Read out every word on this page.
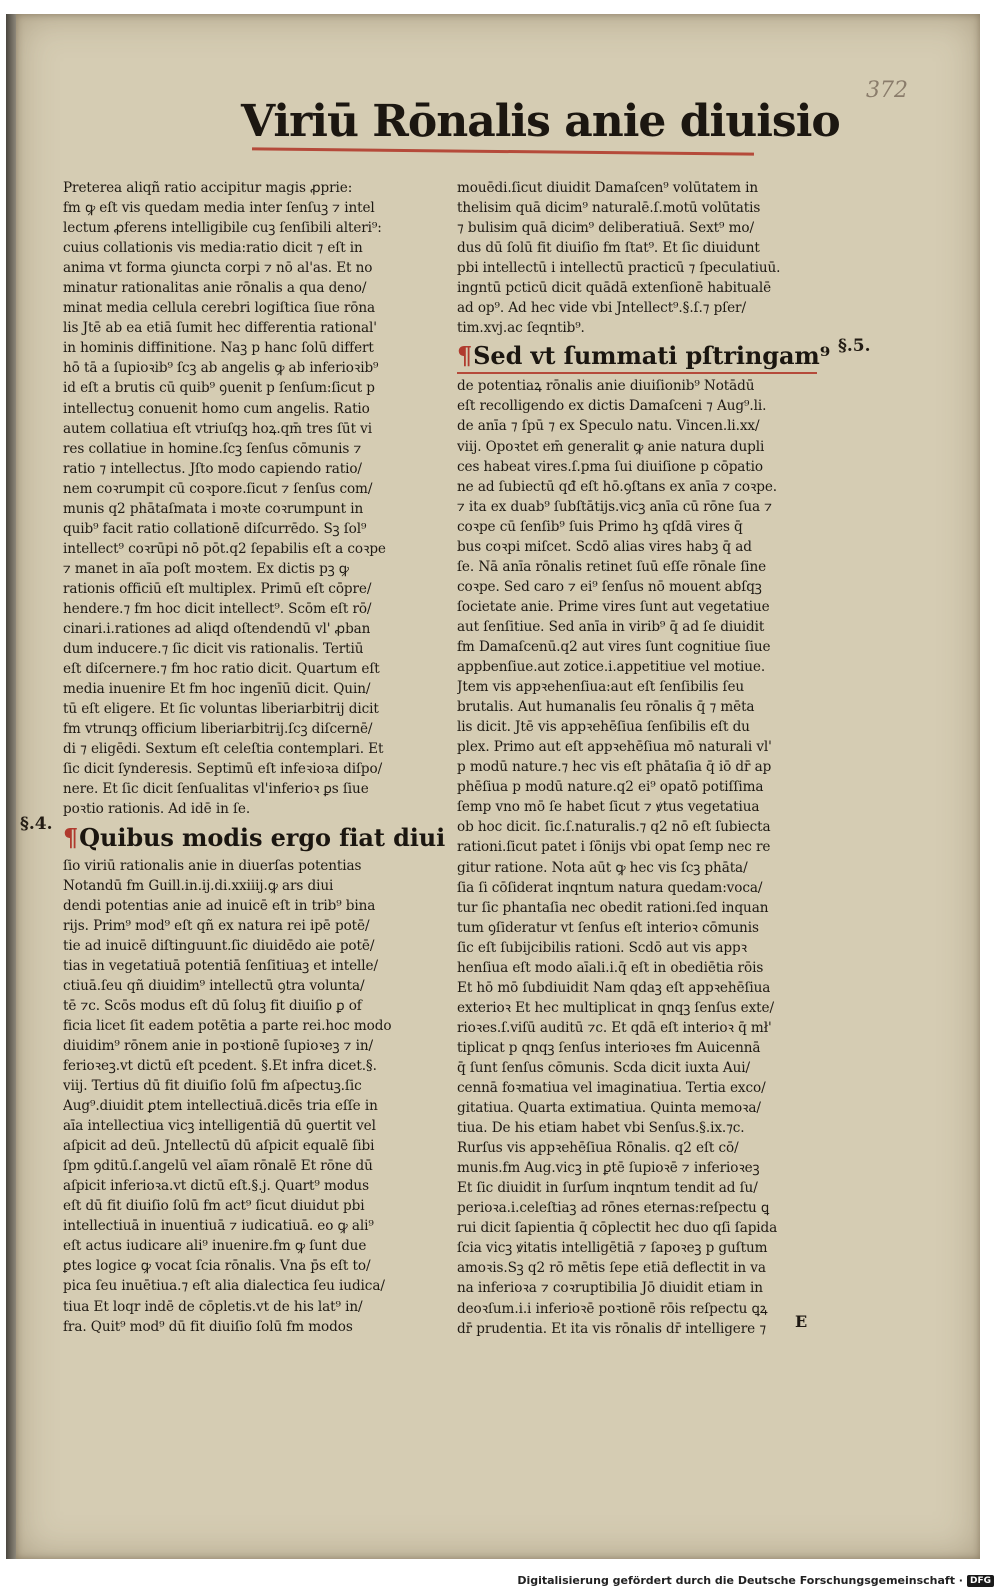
372
Viriū Rōnalis anie diuisio
§.4.
§.5.
Preterea aliqñ ratio accipitur magis ꝓprie:
fm ꝙ eſt vis quedam media inter ſenſuꝫ ⁊ intel
lectum ꝓferens intelligibile cuꝫ ſenſibili alteri⁹:
cuius collationis vis media:ratio dicit ⁊ eſt in
anima vt forma ꝯiuncta corpi ⁊ nō al'as. Et no
minatur rationalitas anie rōnalis a qua deno/
minat media cellula cerebri logiſtica ſiue rōna
lis Jtē ab ea etiā ſumit hec differentia rational'
in hominis diffinitione. Naꝫ p hanc ſolū differt
hō tā a ſupioꝛib⁹ ſcꝫ ab angelis ꝙ ab inferioꝛib⁹
id eſt a brutis cū quib⁹ ꝯuenit p ſenſum:ſicut p
intellectuꝫ conuenit homo cum angelis. Ratio
autem collatiua eſt vtriuſqꝫ hoꝝ.qm̄ tres ſūt vi
res collatiue in homine.ſcꝫ ſenſus cōmunis ⁊
ratio ⁊ intellectus. Jſto modo capiendo ratio/
nem coꝛrumpit cū coꝛpore.ſicut ⁊ ſenſus com/
munis q2 phātaſmata i moꝛte coꝛrumpunt in
quib⁹ facit ratio collationē diſcurrēdo. Sꝫ ſol⁹
intellect⁹ coꝛrūpi nō pōt.q2 ſepabilis eſt a coꝛpe
⁊ manet in aīa poſt moꝛtem. Ex dictis pꝫ ꝙ
rationis officiū eſt multiplex. Primū eſt cōpre/
hendere.⁊ fm hoc dicit intellect⁹. Scōm eſt rō/
cinari.i.rationes ad aliqd oſtendendū vl' ꝓban
dum inducere.⁊ ſic dicit vis rationalis. Tertiū
eſt diſcernere.⁊ fm hoc ratio dicit. Quartum eſt
media inuenire Et fm hoc ingenīū dicit. Quin/
tū eſt eligere. Et ſic voluntas liberiarbitrij dicit
fm vtrunqꝫ officium liberiarbitrij.ſcꝫ diſcernē/
di ⁊ eligēdi. Sextum eſt celeſtia contemplari. Et
ſic dicit ſynderesis. Septimū eſt infeꝛioꝛa diſpo/
nere. Et ſic dicit ſenſualitas vl'inferioꝛ ꝑs ſiue
poꝛtio rationis. Ad idē in ſe.
¶Quibus modis ergo fiat diui
ſio viriū rationalis anie in diuerſas potentias
Notandū fm Guill.in.ij.di.xxiiij.ꝙ ars diui
dendi potentias anie ad inuicē eſt in trib⁹ bina
rijs. Prim⁹ mod⁹ eſt qñ ex natura rei ipē potē/
tie ad inuicē diſtinguunt.ſic diuidēdo aie potē/
tias in vegetatiuā potentiā ſenſitiuaꝫ et intelle/
ctiuā.ſeu qñ diuidim⁹ intellectū ꝯtra volunta/
tē ⁊c. Scōs modus eſt dū ſoluꝫ fit diuiſio ꝑ of
ficia licet ſit eadem potētia a parte rei.hoc modo
diuidim⁹ rōnem anie in poꝛtionē ſupioꝛeꝫ ⁊ in/
ferioꝛeꝫ.vt dictū eſt pcedent. §.Et infra dicet.§.
viij. Tertius dū fit diuiſio ſolū fm aſpectuꝫ.ſic
Aug⁹.diuidit ꝑtem intellectiuā.dicēs tria eſſe in
aīa intellectiua vicꝫ intelligentiā dū ꝯuertit vel
aſpicit ad deū. Jntellectū dū aſpicit equalē ſibi
ſpm ꝯditū.ſ.angelū vel aīam rōnalē Et rōne dū
aſpicit inferioꝛa.vt dictū eſt.§.j. Quart⁹ modus
eſt dū fit diuiſio ſolū fm act⁹ ſicut diuidut pbi
intellectiuā in inuentiuā ⁊ iudicatiuā. eo ꝙ ali⁹
eſt actus iudicare ali⁹ inuenire.fm ꝙ ſunt due
ꝑtes logice ꝙ vocat ſcia rōnalis. Vna p̄s eſt to/
pica ſeu inuētiua.⁊ eſt alia dialectica ſeu iudica/
tiua Et loqr indē de cōpletis.vt de his lat⁹ in/
fra. Quit⁹ mod⁹ dū fit diuiſio ſolū fm modos
mouēdi.ſicut diuidit Damaſcen⁹ volūtatem in
thelisim quā dicim⁹ naturalē.ſ.motū volūtatis
⁊ bulisim quā dicim⁹ deliberatiuā. Sext⁹ mo/
dus dū ſolū fit diuiſio fm ſtat⁹. Et ſic diuidunt
pbi intellectū i intellectū practicū ⁊ ſpeculatiuū.
ingntū pcticū dicit quādā extenſionē habitualē
ad op⁹. Ad hec vide vbi Jntellect⁹.§.ſ.⁊ pſer/
tim.xvj.ac ſeqntib⁹.
¶Sed vt ſummati pſtringam⁹
de potentiaꝝ rōnalis anie diuiſionib⁹ Notādū
eſt recolligendo ex dictis Damaſceni ⁊ Aug⁹.li.
de anīa ⁊ ſpū ⁊ ex Speculo natu. Vincen.li.xx/
viij. Opoꝛtet em̄ generalit ꝙ anie natura dupli
ces habeat vires.ſ.pma ſui diuiſione p cōpatio
ne ad ſubiectū qđ eſt hō.ꝯſtans ex anīa ⁊ coꝛpe.
⁊ ita ex duab⁹ ſubſtātijs.vicꝫ anīa cū rōne ſua ⁊
coꝛpe cū ſenſib⁹ ſuis Primo hꝫ qſdā vires q̄
bus coꝛpi miſcet. Scdō alias vires habꝫ q̄ ad
ſe. Nā anīa rōnalis retinet ſuū eſſe rōnale ſine
coꝛpe. Sed caro ⁊ ei⁹ ſenſus nō mouent abſqꝫ
ſocietate anie. Prime vires ſunt aut vegetatiue
aut ſenſitiue. Sed anīa in virib⁹ q̄ ad ſe diuidit
fm Damaſcenū.q2 aut vires ſunt cognitiue ſiue
appbenſiue.aut zotice.i.appetitiue vel motiue.
Jtem vis appꝛehenſiua:aut eſt ſenſibilis ſeu
brutalis. Aut humanalis ſeu rōnalis q̄ ⁊ mēta
lis dicit. Jtē vis appꝛehēſiua ſenſibilis eſt du
plex. Primo aut eſt appꝛehēſiua mō naturali vl'
p modū nature.⁊ hec vis eſt phātaſia q̄ iō dr̄ ap
phēſiua p modū nature.q2 ei⁹ opatō potiſſima
ſemp vno mō ſe habet ſicut ⁊ ꝟtus vegetatiua
ob hoc dicit. ſic.ſ.naturalis.⁊ q2 nō eſt ſubiecta
rationi.ſicut patet i ſōnijs vbi opat ſemp nec re
gitur ratione. Nota aūt ꝙ hec vis ſcꝫ phāta/
ſia ſi cōſiderat inqntum natura quedam:voca/
tur ſic phantaſia nec obedit rationi.ſed inquan
tum ꝯſideratur vt ſenſus eſt interioꝛ cōmunis
ſic eſt ſubijcibilis rationi. Scdō aut vis appꝛ
henſiua eſt modo aīali.i.q̄ eſt in obediētia rōis
Et hō mō ſubdiuidit Nam qdaꝫ eſt appꝛehēſiua
exterioꝛ Et hec multiplicat in qnqꝫ ſenſus exte/
rioꝛes.ſ.viſū auditū ⁊c. Et qdā eſt interioꝛ q̄ mł'
tiplicat p qnqꝫ ſenſus interioꝛes fm Auicennā
q̄ ſunt ſenſus cōmunis. Scda dicit iuxta Aui/
cennā foꝛmatiua vel imaginatiua. Tertia exco/
gitatiua. Quarta extimatiua. Quinta memoꝛa/
tiua. De his etiam habet vbi Senſus.§.ix.⁊c.
Rurſus vis appꝛehēſiua Rōnalis. q2 eſt cō/
munis.fm Aug.vicꝫ in ꝑtē ſupioꝛē ⁊ inferioꝛeꝫ
Et ſic diuidit in ſurſum inqntum tendit ad ſu/
perioꝛa.i.celeſtiaꝫ ad rōnes eternas:reſpectu ꝗ
rui dicit ſapientia q̄ cōplectit hec duo qſi ſapida
ſcia vicꝫ ꝟitatis intelligētiā ⁊ ſapoꝛeꝫ p guſtum
amoꝛis.Sꝫ q2 rō mētis ſepe etiā deflectit in va
na inferioꝛa ⁊ coꝛruptibilia Jō diuidit etiam in
deoꝛſum.i.i inferioꝛē poꝛtionē rōis reſpectu ꝗꝝ
dr̄ prudentia. Et ita vis rōnalis dr̄ intelligere ⁊	E
Digitalisierung gefördert durch die Deutsche Forschungsgemeinschaft · DFG
